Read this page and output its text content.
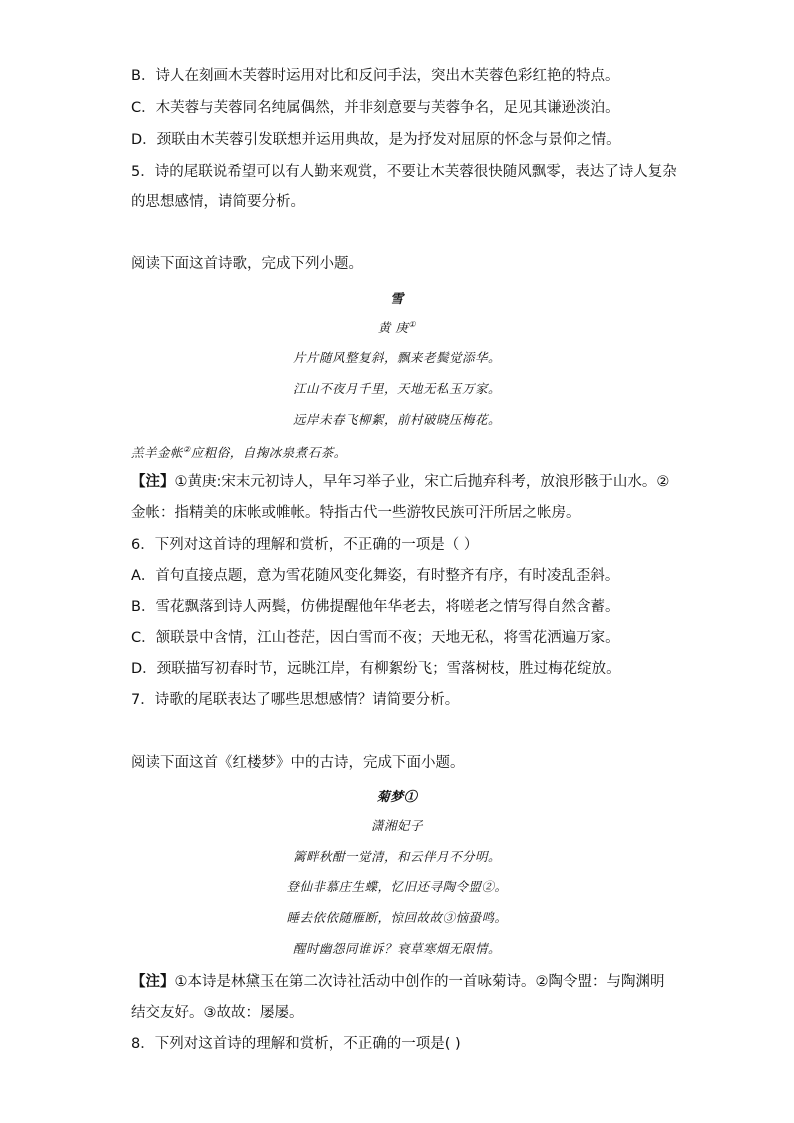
B．诗人在刻画木芙蓉时运用对比和反问手法，突出木芙蓉色彩红艳的特点。
C．木芙蓉与芙蓉同名纯属偶然，并非刻意要与芙蓉争名，足见其谦逊淡泊。
D．颈联由木芙蓉引发联想并运用典故，是为抒发对屈原的怀念与景仰之情。
5．诗的尾联说希望可以有人勤来观赏，不要让木芙蓉很快随风飘零，表达了诗人复杂
的思想感情，请简要分析。
阅读下面这首诗歌，完成下列小题。
雪
黄 庚①
片片随风整复斜，飘来老鬓觉添华。
江山不夜月千里，天地无私玉万家。
远岸未春飞柳絮，前村破晓压梅花。
羔羊金帐②应粗俗，自掬冰泉煮石茶。
【注】①黄庚:宋末元初诗人，早年习举子业，宋亡后抛弃科考，放浪形骸于山水。②
金帐：指精美的床帐或帷帐。特指古代一些游牧民族可汗所居之帐房。
6．下列对这首诗的理解和赏析，不正确的一项是（ ）
A．首句直接点题，意为雪花随风变化舞姿，有时整齐有序，有时凌乱歪斜。
B．雪花飘落到诗人两鬓，仿佛提醒他年华老去，将嗟老之情写得自然含蓄。
C．颔联景中含情，江山苍茫，因白雪而不夜；天地无私，将雪花洒遍万家。
D．颈联描写初春时节，远眺江岸，有柳絮纷飞；雪落树枝，胜过梅花绽放。
7．诗歌的尾联表达了哪些思想感情？请简要分析。
阅读下面这首《红楼梦》中的古诗，完成下面小题。
菊梦①
潇湘妃子
篱畔秋酣一觉清，和云伴月不分明。
登仙非慕庄生蝶，忆旧还寻陶令盟②。
睡去依依随雁断，惊回故故③恼蛩鸣。
醒时幽怨同谁诉？衰草寒烟无限情。
【注】①本诗是林黛玉在第二次诗社活动中创作的一首咏菊诗。②陶令盟：与陶渊明
结交友好。③故故：屡屡。
8．下列对这首诗的理解和赏析，不正确的一项是( )
